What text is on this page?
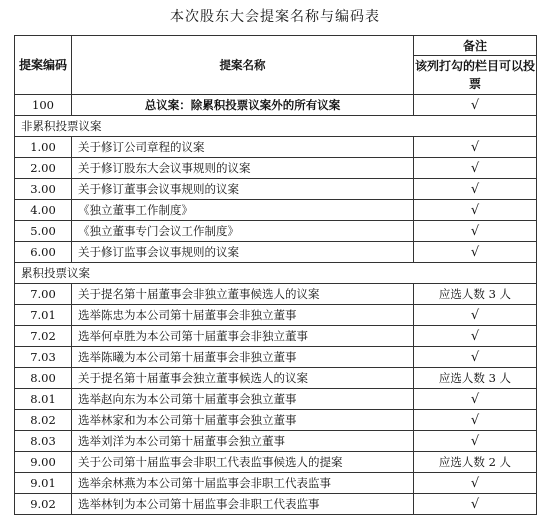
本次股东大会提案名称与编码表
提案编码	提案名称	备注
		该列打勾的栏目可以投票
100	总议案：除累积投票议案外的所有议案	√
非累积投票议案		
1.00	关于修订公司章程的议案	√
2.00	关于修订股东大会议事规则的议案	√
3.00	关于修订董事会议事规则的议案	√
4.00	《独立董事工作制度》	√
5.00	《独立董事专门会议工作制度》	√
6.00	关于修订监事会议事规则的议案	√
累积投票议案		
7.00	关于提名第十届董事会非独立董事候选人的议案	应选人数 3 人
7.01	选举陈忠为本公司第十届董事会非独立董事	√
7.02	选举何卓胜为本公司第十届董事会非独立董事	√
7.03	选举陈曦为本公司第十届董事会非独立董事	√
8.00	关于提名第十届董事会独立董事候选人的议案	应选人数 3 人
8.01	选举赵向东为本公司第十届董事会独立董事	√
8.02	选举林家和为本公司第十届董事会独立董事	√
8.03	选举刘洋为本公司第十届董事会独立董事	√
9.00	关于公司第十届监事会非职工代表监事候选人的提案	应选人数 2 人
9.01	选举余林燕为本公司第十届监事会非职工代表监事	√
9.02	选举林钊为本公司第十届监事会非职工代表监事	√
